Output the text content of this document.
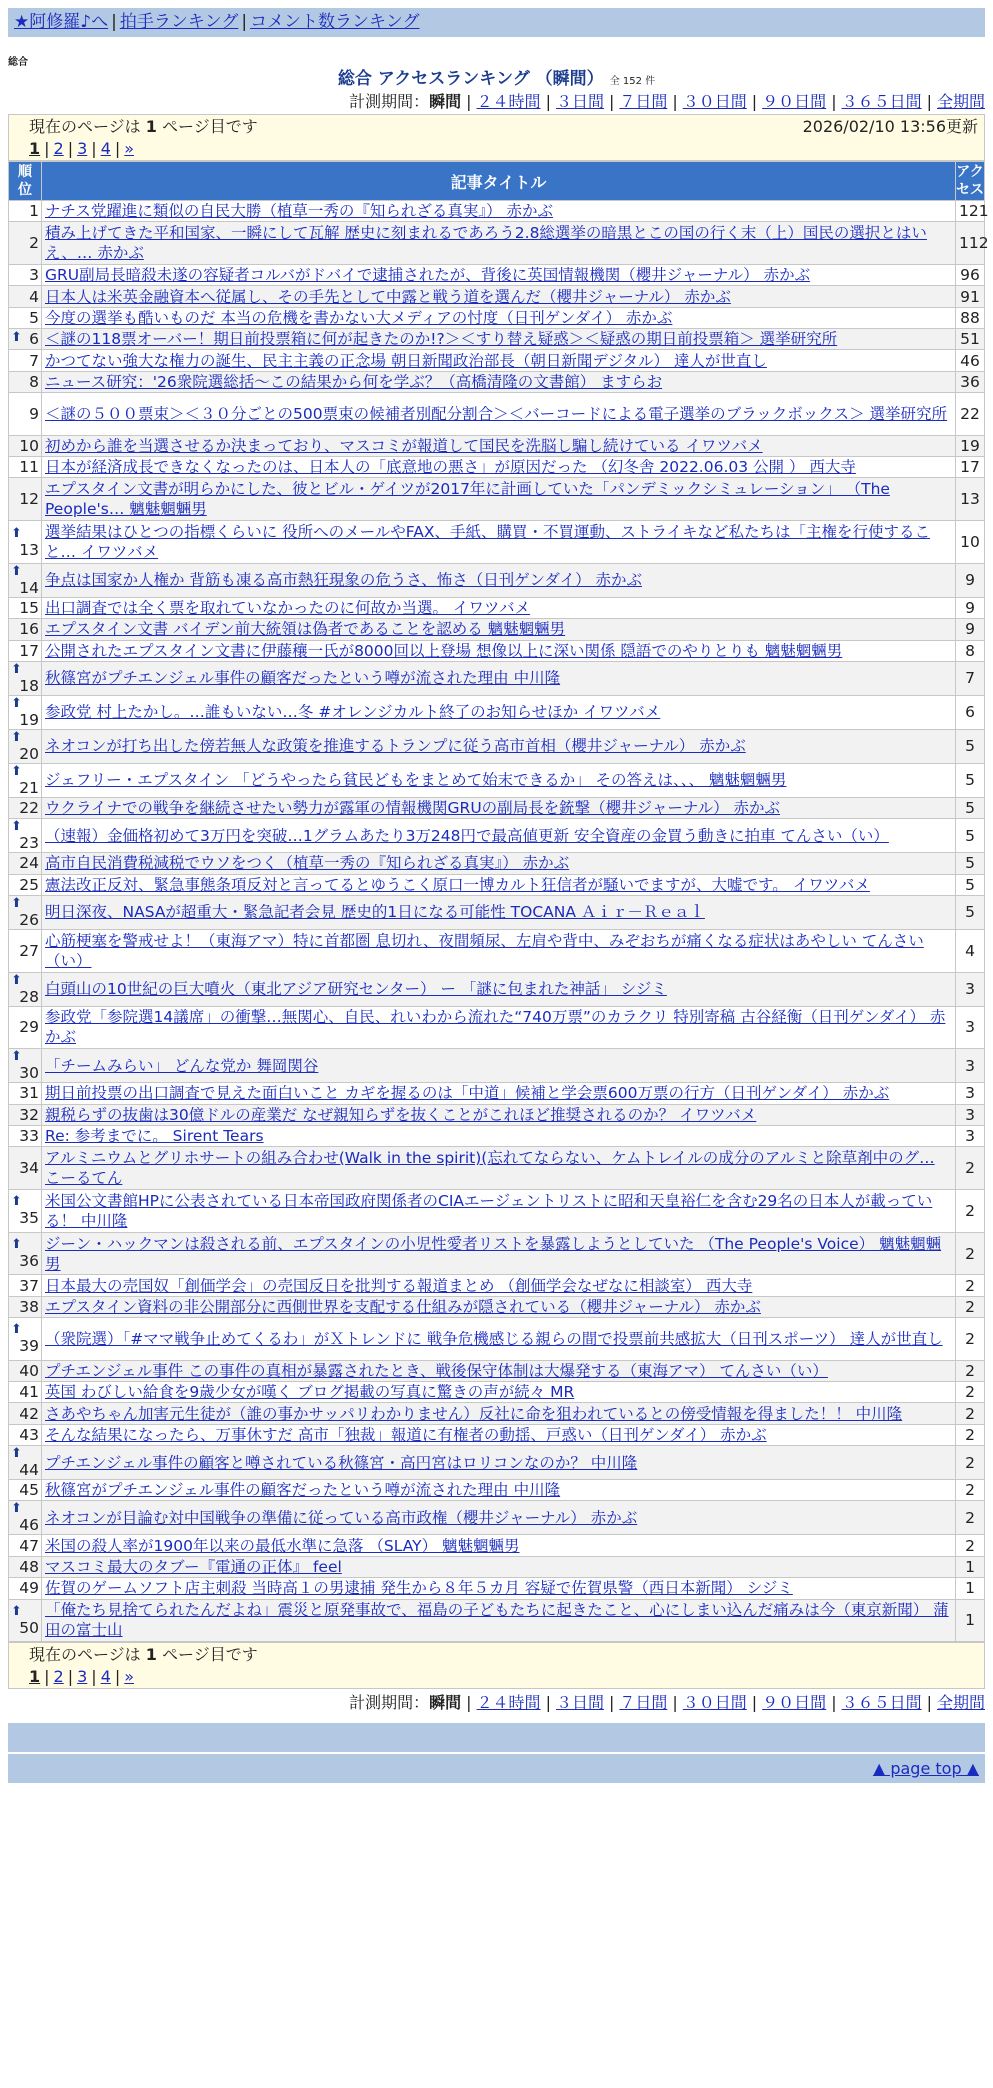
★阿修羅♪へ | 拍手ランキング | コメント数ランキング
総合
総合 アクセスランキング （瞬間） 全 152 件
計測期間：瞬間 | ２４時間 | ３日間 | ７日間 | ３０日間 | ９０日間 | ３６５日間 | 全期間
現在のページは 1 ページ目です	2026/02/10 13:56更新
1 | 2 | 3 | 4 | »
順位	記事タイトル	アクセス
1	ナチス党躍進に類似の自民大勝（植草一秀の『知られざる真実』） 赤かぶ	121
2	積み上げてきた平和国家、一瞬にして瓦解 歴史に刻まれるであろう2.8総選挙の暗黒とこの国の行く末（上）国民の選択とはいえ、… 赤かぶ	112
3	GRU副局長暗殺未遂の容疑者コルバがドバイで逮捕されたが、背後に英国情報機関（櫻井ジャーナル） 赤かぶ	96
4	日本人は米英金融資本へ従属し、その手先として中露と戦う道を選んだ（櫻井ジャーナル） 赤かぶ	91
5	今度の選挙も酷いものだ 本当の危機を書かない大メディアの忖度（日刊ゲンダイ） 赤かぶ	88

⬆ 6	＜謎の118票オーバー！期日前投票箱に何が起きたのか!?＞＜すり替え疑惑＞＜疑惑の期日前投票箱＞ 選挙研究所	51
7	かつてない強大な権力の誕生、民主主義の正念場 朝日新聞政治部長（朝日新聞デジタル） 達人が世直し	46
8	ニュース研究：'26衆院選総括～この結果から何を学ぶ？（高橋清隆の文書館） ますらお	36
9	＜謎の５００票束＞＜３０分ごとの500票束の候補者別配分割合＞＜バーコードによる電子選挙のブラックボックス＞ 選挙研究所	22
10	初めから誰を当選させるか決まっており、マスコミが報道して国民を洗脳し騙し続けている イワツバメ	19
11	日本が経済成長できなくなったのは、日本人の「底意地の悪さ」が原因だった （幻冬舎 2022.06.03 公開 ） 西大寺	17
12	エプスタイン文書が明らかにした、彼とビル・ゲイツが2017年に計画していた「パンデミックシミュレーション」 （The People's… 魑魅魍魎男	13

⬆
13	選挙結果はひとつの指標くらいに 役所へのメールやFAX、手紙、購買・不買運動、ストライキなど私たちは「主権を行使すること… イワツバメ	10

⬆
14	争点は国家か人権か 背筋も凍る高市熱狂現象の危うさ、怖さ（日刊ゲンダイ） 赤かぶ	9
15	出口調査では全く票を取れていなかったのに何故か当選。 イワツバメ	9
16	エプスタイン文書 バイデン前大統領は偽者であることを認める 魑魅魍魎男	9
17	公開されたエプスタイン文書に伊藤穰一氏が8000回以上登場 想像以上に深い関係 隠語でのやりとりも 魑魅魍魎男	8

⬆
18	秋篠宮がプチエンジェル事件の顧客だったという噂が流された理由 中川隆	7

⬆
19	参政党 村上たかし。…誰もいない…冬 #オレンジカルト終了のお知らせほか イワツバメ	6

⬆
20	ネオコンが打ち出した傍若無人な政策を推進するトランプに従う高市首相（櫻井ジャーナル） 赤かぶ	5

⬆
21	ジェフリー・エプスタイン 「どうやったら貧民どもをまとめて始末できるか」 その答えは、、、 魑魅魍魎男	5
22	ウクライナでの戦争を継続させたい勢力が露軍の情報機関GRUの副局長を銃撃（櫻井ジャーナル） 赤かぶ	5

⬆
23	（速報）金価格初めて3万円を突破…1グラムあたり3万248円で最高値更新 安全資産の金買う動きに拍車 てんさい（い）	5
24	高市自民消費税減税でウソをつく（植草一秀の『知られざる真実』） 赤かぶ	5
25	憲法改正反対、緊急事態条項反対と言ってるとゆうこく原口一博カルト狂信者が騒いでますが、大嘘です。 イワツバメ	5

⬆
26	明日深夜、NASAが超重大・緊急記者会見 歴史的1日になる可能性 TOCANA Ａｉｒ－Ｒｅａｌ	5
27	心筋梗塞を警戒せよ！（東海アマ）特に首都圏 息切れ、夜間頻尿、左肩や背中、みぞおちが痛くなる症状はあやしい てんさい（い）	4

⬆
28	白頭山の10世紀の巨大噴火（東北アジア研究センター） ー 「謎に包まれた神話」 シジミ	3
29	参政党「参院選14議席」の衝撃…無関心、自民、れいわから流れた“740万票”のカラクリ 特別寄稿 古谷経衡（日刊ゲンダイ） 赤かぶ	3

⬆
30	「チームみらい」 どんな党か 舞岡関谷	3
31	期日前投票の出口調査で見えた面白いこと カギを握るのは「中道」候補と学会票600万票の行方（日刊ゲンダイ） 赤かぶ	3
32	親税らずの抜歯は30億ドルの産業だ なぜ親知らずを抜くことがこれほど推奨されるのか？ イワツバメ	3
33	Re: 参考までに。 Sirent Tears	3
34	アルミニウムとグリホサートの組み合わせ(Walk in the spirit)(忘れてならない、ケムトレイルの成分のアルミと除草剤中のグ… こーるてん	2

⬆
35	米国公文書館HPに公表されている日本帝国政府関係者のCIAエージェントリストに昭和天皇裕仁を含む29名の日本人が載っている！ 中川隆	2

⬆
36	ジーン・ハックマンは殺される前、エプスタインの小児性愛者リストを暴露しようとしていた （The People's Voice） 魑魅魍魎男	2
37	日本最大の売国奴「創価学会」の売国反日を批判する報道まとめ （創価学会なぜなに相談室） 西大寺	2
38	エプスタイン資料の非公開部分に西側世界を支配する仕組みが隠されている（櫻井ジャーナル） 赤かぶ	2

⬆
39	（衆院選）「#ママ戦争止めてくるわ」がＸトレンドに 戦争危機感じる親らの間で投票前共感拡大（日刊スポーツ） 達人が世直し	2
40	プチエンジェル事件 この事件の真相が暴露されたとき、戦後保守体制は大爆発する（東海アマ） てんさい（い）	2
41	英国 わびしい給食を9歳少女が嘆く ブログ掲載の写真に驚きの声が続々 MR	2
42	さあやちゃん加害元生徒が（誰の事かサッパリわかりません）反社に命を狙われているとの傍受情報を得ました！！ 中川隆	2
43	そんな結果になったら、万事休すだ 高市「独裁」報道に有権者の動揺、戸惑い（日刊ゲンダイ） 赤かぶ	2

⬆
44	プチエンジェル事件の顧客と噂されている秋篠宮・高円宮はロリコンなのか？ 中川隆	2
45	秋篠宮がプチエンジェル事件の顧客だったという噂が流された理由 中川隆	2

⬆
46	ネオコンが目論む対中国戦争の準備に従っている高市政権（櫻井ジャーナル） 赤かぶ	2
47	米国の殺人率が1900年以来の最低水準に急落 （SLAY） 魑魅魍魎男	2
48	マスコミ最大のタブー『電通の正体』 feel	1
49	佐賀のゲームソフト店主刺殺 当時高１の男逮捕 発生から８年５カ月 容疑で佐賀県警（西日本新聞） シジミ	1

⬆
50	「俺たち見捨てられたんだよね」震災と原発事故で、福島の子どもたちに起きたこと、心にしまい込んだ痛みは今（東京新聞） 蒲田の富士山	1
現在のページは 1 ページ目です
1 | 2 | 3 | 4 | »
計測期間：瞬間 | ２４時間 | ３日間 | ７日間 | ３０日間 | ９０日間 | ３６５日間 | 全期間
▲ page top ▲
